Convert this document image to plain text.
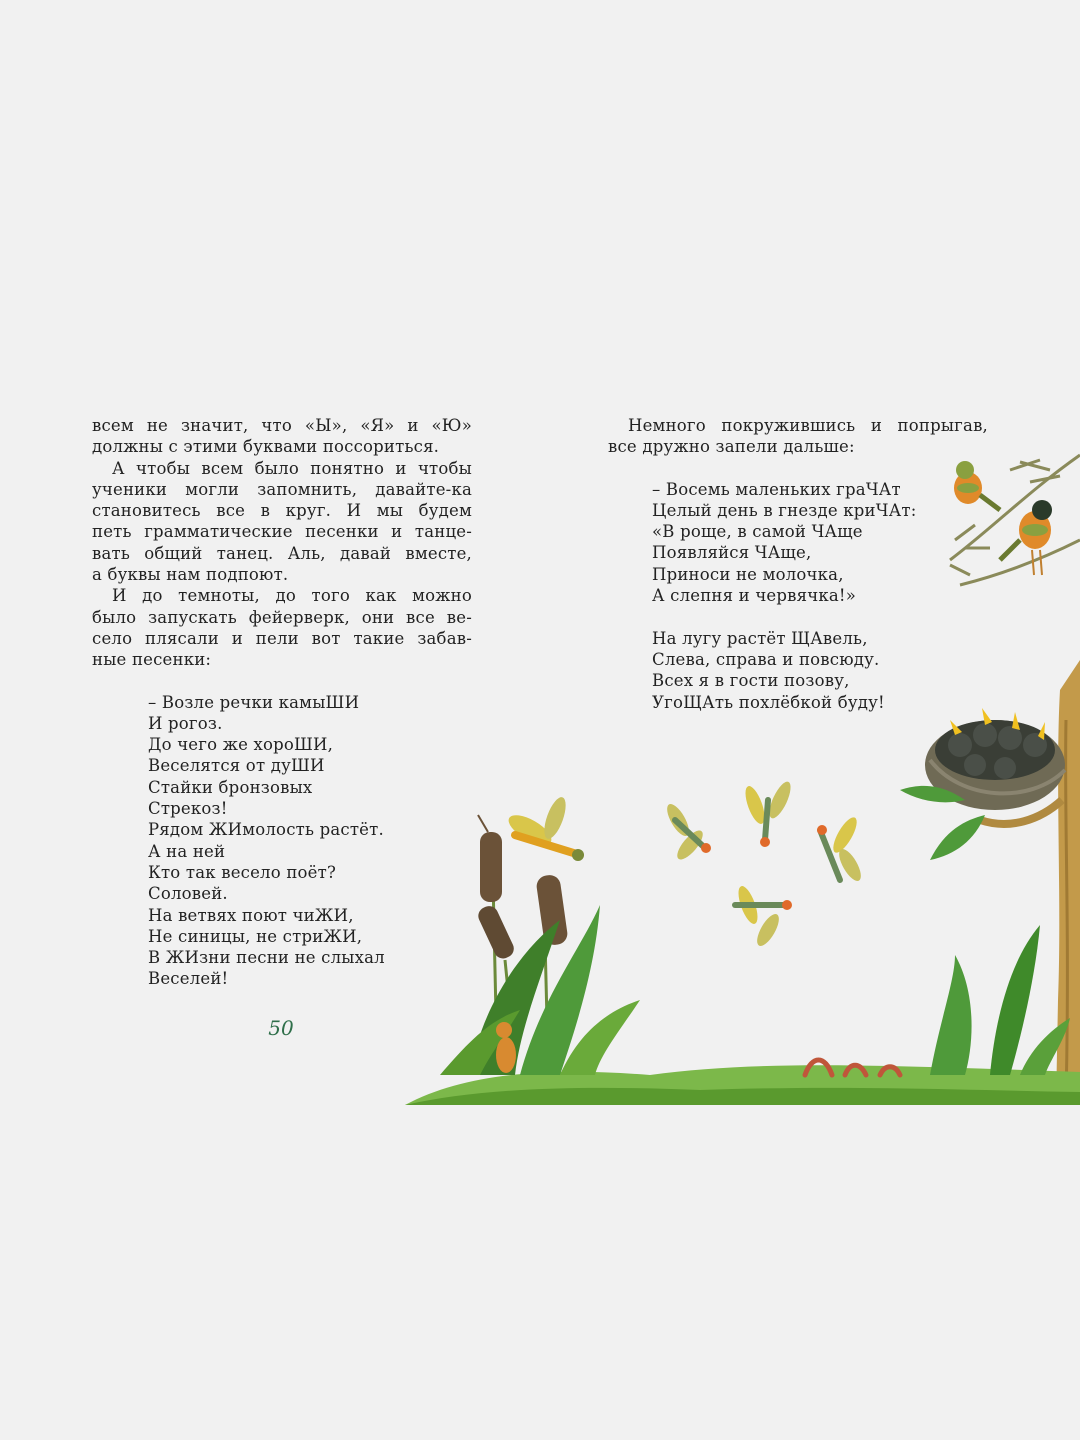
всем не значит, что «Ы», «Я» и «Ю»

должны с этими буквами поссориться.

А чтобы всем было понятно и чтобы

ученики могли запомнить, давайте-ка

становитесь все в круг. И мы будем

петь грамматические песенки и танце-

вать общий танец. Аль, давай вместе,

а буквы нам подпоют.

И до темноты, до того как можно

было запускать фейерверк, они все ве-

село плясали и пели вот такие забав-

ные песенки:

– Возле речки камыШИ
И рогоз.
До чего же хороШИ,
Веселятся от дуШИ
Стайки бронзовых
Стрекоз!
Рядом ЖИмолость растёт.
А на ней
Кто так весело поёт?
Соловей.
На ветвях поют чиЖИ,
Не синицы, не стриЖИ,
В ЖИзни песни не слыхал
Веселей!
50

Немного покружившись и попрыгав,

все дружно запели дальше:

– Восемь маленьких граЧАт
Целый день в гнезде криЧАт:
«В роще, в самой ЧАще
Появляйся ЧАще,
Приноси не молочка,
А слепня и червячка!»
На лугу растёт ЩАвель,
Слева, справа и повсюду.
Всех я в гости позову,
УгоЩАть похлёбкой буду!
